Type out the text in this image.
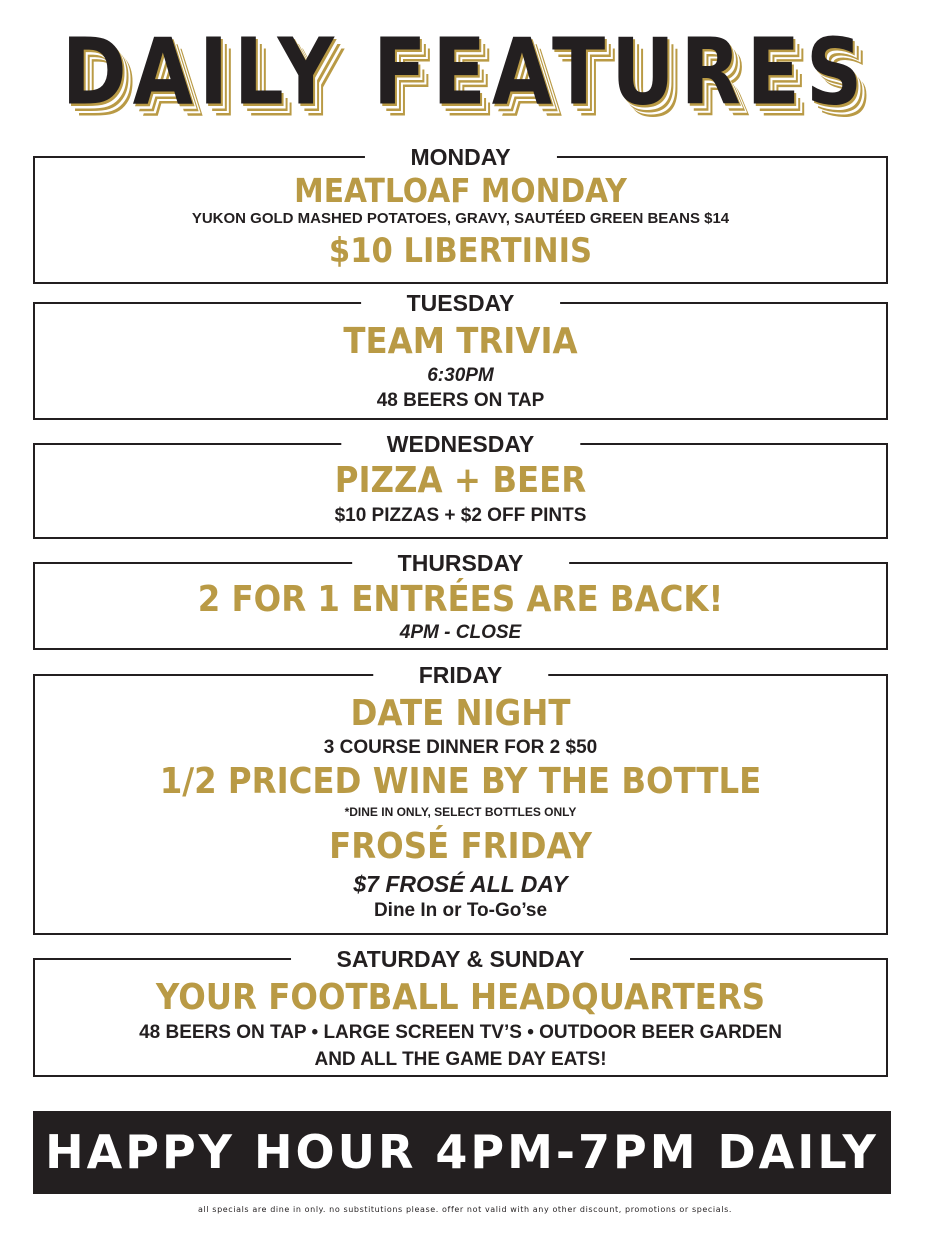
DAILY FEATURES
MONDAY
MEATLOAF MONDAY
YUKON GOLD MASHED POTATOES, GRAVY, SAUTÉED GREEN BEANS $14
$10 LIBERTINIS
TUESDAY
TEAM TRIVIA
6:30PM
48 BEERS ON TAP
WEDNESDAY
PIZZA + BEER
$10 PIZZAS + $2 OFF PINTS
THURSDAY
2 FOR 1 ENTRÉES ARE BACK!
4PM - CLOSE
FRIDAY
DATE NIGHT
3 COURSE DINNER FOR 2 $50
1/2 PRICED WINE BY THE BOTTLE
*DINE IN ONLY, SELECT BOTTLES ONLY
FROSÉ FRIDAY
$7 FROSÉ ALL DAY
Dine In or To-Go’se
SATURDAY & SUNDAY
YOUR FOOTBALL HEADQUARTERS
48 BEERS ON TAP • LARGE SCREEN TV’S • OUTDOOR BEER GARDEN
AND ALL THE GAME DAY EATS!
HAPPY HOUR 4PM-7PM DAILY
all specials are dine in only. no substitutions please. offer not valid with any other discount, promotions or specials.
